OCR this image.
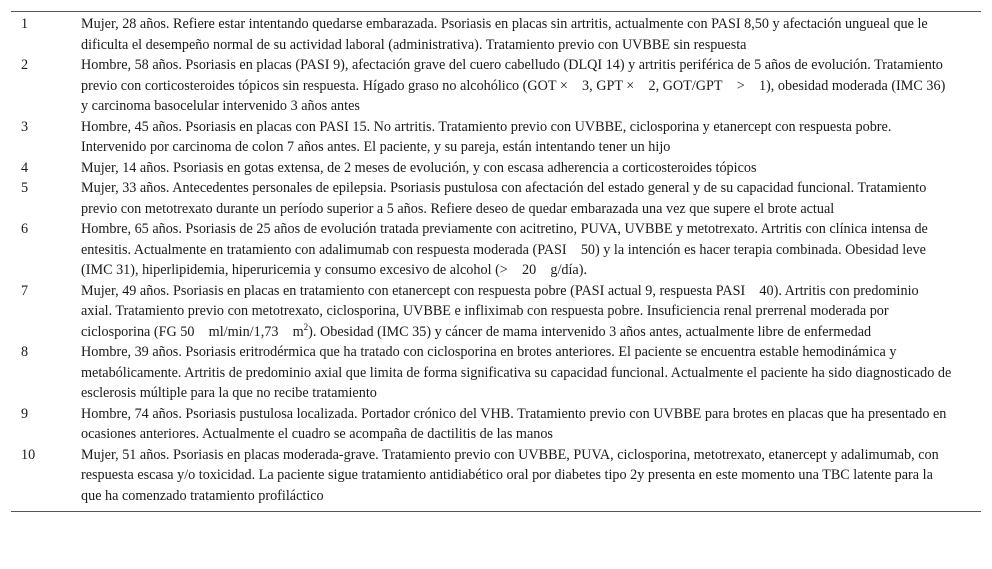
1	Mujer, 28 años. Refiere estar intentando quedarse embarazada. Psoriasis en placas sin artritis, actualmente con PASI 8,50 y afectación ungueal que le dificulta el desempeño normal de su actividad laboral (administrativa). Tratamiento previo con UVBBE sin respuesta
2	Hombre, 58 años. Psoriasis en placas (PASI 9), afectación grave del cuero cabelludo (DLQI 14) y artritis periférica de 5 años de evolución. Tratamiento previo con corticosteroides tópicos sin respuesta. Hígado graso no alcohólico (GOT × 3, GPT × 2, GOT/GPT > 1), obesidad moderada (IMC 36) y carcinoma basocelular intervenido 3 años antes
3	Hombre, 45 años. Psoriasis en placas con PASI 15. No artritis. Tratamiento previo con UVBBE, ciclosporina y etanercept con respuesta pobre. Intervenido por carcinoma de colon 7 años antes. El paciente, y su pareja, están intentando tener un hijo
4	Mujer, 14 años. Psoriasis en gotas extensa, de 2 meses de evolución, y con escasa adherencia a corticosteroides tópicos
5	Mujer, 33 años. Antecedentes personales de epilepsia. Psoriasis pustulosa con afectación del estado general y de su capacidad funcional. Tratamiento previo con metotrexato durante un período superior a 5 años. Refiere deseo de quedar embarazada una vez que supere el brote actual
6	Hombre, 65 años. Psoriasis de 25 años de evolución tratada previamente con acitretino, PUVA, UVBBE y metotrexato. Artritis con clínica intensa de entesitis. Actualmente en tratamiento con adalimumab con respuesta moderada (PASI 50) y la intención es hacer terapia combinada. Obesidad leve (IMC 31), hiperlipidemia, hiperuricemia y consumo excesivo de alcohol (> 20 g/día).
7	Mujer, 49 años. Psoriasis en placas en tratamiento con etanercept con respuesta pobre (PASI actual 9, respuesta PASI 40). Artritis con predominio axial. Tratamiento previo con metotrexato, ciclosporina, UVBBE e infliximab con respuesta pobre. Insuficiencia renal prerrenal moderada por ciclosporina (FG 50 ml/min/1,73 $m^2$). Obesidad (IMC 35) y cáncer de mama intervenido 3 años antes, actualmente libre de enfermedad
8	Hombre, 39 años. Psoriasis eritrodérmica que ha tratado con ciclosporina en brotes anteriores. El paciente se encuentra estable hemodinámica y metabólicamente. Artritis de predominio axial que limita de forma significativa su capacidad funcional. Actualmente el paciente ha sido diagnosticado de esclerosis múltiple para la que no recibe tratamiento
9	Hombre, 74 años. Psoriasis pustulosa localizada. Portador crónico del VHB. Tratamiento previo con UVBBE para brotes en placas que ha presentado en ocasiones anteriores. Actualmente el cuadro se acompaña de dactilitis de las manos
10	Mujer, 51 años. Psoriasis en placas moderada-grave. Tratamiento previo con UVBBE, PUVA, ciclosporina, metotrexato, etanercept y adalimumab, con respuesta escasa y/o toxicidad. La paciente sigue tratamiento antidiabético oral por diabetes tipo 2y presenta en este momento una TBC latente para la que ha comenzado tratamiento profiláctico
